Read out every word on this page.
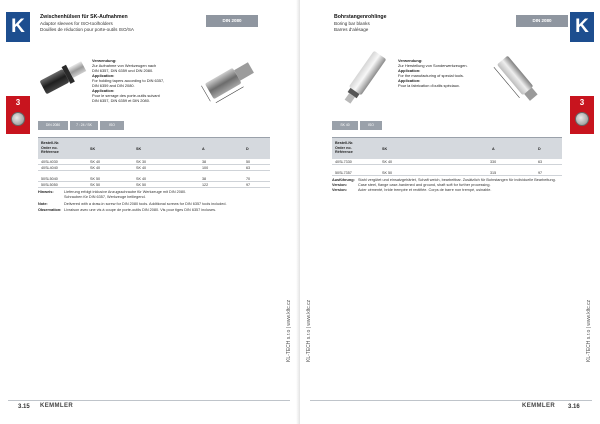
K
3
Zwischenhülsen für SK-Aufnahmen
Adaptor sleeves for ISO-toolholders
Douilles de réduction pour porte-outils ISO/SA
DIN 2080
Verwendung:
Zur Aufnahme von Werkzeugen nach
DIN 6357, DIN 6359 und DIN 2080.
Application:
For holding tapers according to DIN 6357,
DIN 6359 and DIN 2080.
Application:
Pour le serrage des porte-outils suivant
DIN 6357, DIN 6359 et DIN 2080.
DIN 2080	7 : 24 / SK	ISO
Bestell-Nr.
Order no.
Référence
SK	SK	A	D
40SL4030	SK 40	SK 30	38	50
40SL4040	SK 40	SK 40	100	63
50SL5040	SK 50	SK 40	38	70
50SL5050	SK 50	SK 50	122	97
Hinweis:	Lieferung erfolgt inklusive Anzugsschraube für Werkzeuge mit DIN 2080.
Schrauben für DIN 6357, Werkzeuge beiliegend.
Note:	Delivered with a draw-in screw for DIN 2080 tools. Additional screws for DIN 6357 tools included.
Observation: Livraison avec une vis à coupe de porte-outils DIN 2080. Vis pour tiges DIN 6357 incluses.
KL-TECH s.r.o | www.kltc.cz
3.15 KEMMLER
K
3
Bohrstangenrohlinge
Boring bar blanks
Barres d'alésage
DIN 2080
Verwendung:
Zur Herstellung von Sonderwerkzeugen.
Application:
For the manufacturing of special tools.
Application:
Pour la fabrication d'outils spéciaux.
SK 40	ISO
Bestell-Nr.
Order no.
Référence
SK	A	D
40SL7330	SK 40	330	63
50SL7357	SK 50	315	97
Ausführung: Stahl vergütet und einsatzgehärtet, Schaft weich, bearbeitbar. Zusätzlich für Bohrstangen für individuelle Bearbeitung.
Version:	Case steel, flange case-hardened and ground, shaft soft for further processing.
Version:	Acier cémenté, bride trempée et rectifiée. Corps de barre non trempé, usinable.
KL-TECH s.r.o | www.kltc.cz	KL-TECH s.r.o | www.kltc.cz
KEMMLER 3.16
